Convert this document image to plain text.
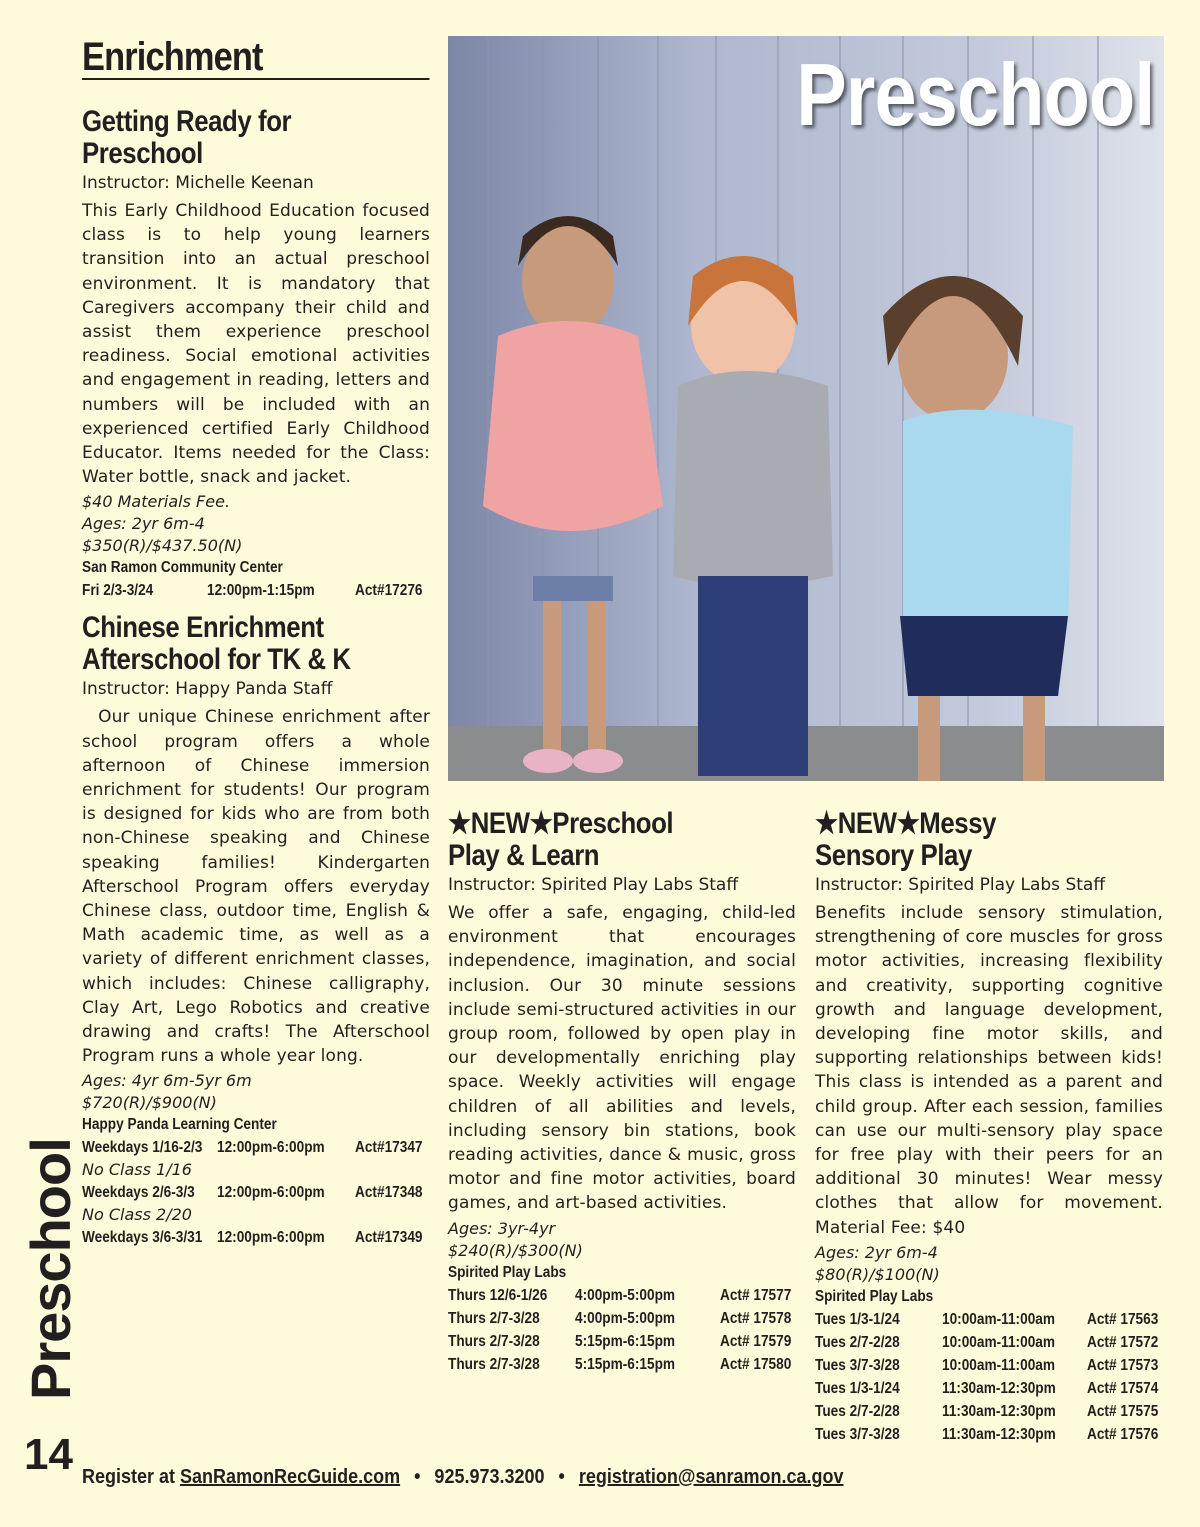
Enrichment
Getting Ready for
Preschool
Instructor: Michelle Keenan
This Early Childhood Education focused class is to help young learners transition into an actual preschool environment. It is mandatory that Caregivers accompany their child and assist them experience preschool readiness. Social emotional activities and engagement in reading, letters and numbers will be included with an experienced certified Early Childhood Educator. Items needed for the Class: Water bottle, snack and jacket.
$40 Materials Fee.
Ages: 2yr 6m-4
$350(R)/$437.50(N)
San Ramon Community Center
Fri 2/3-3/24	12:00pm-1:15pm	Act#17276
Chinese Enrichment
Afterschool for TK & K
Instructor: Happy Panda Staff
Our unique Chinese enrichment after school program offers a whole afternoon of Chinese immersion enrichment for students! Our program is designed for kids who are from both non-Chinese speaking and Chinese speaking families! Kindergarten Afterschool Program offers everyday Chinese class, outdoor time, English & Math academic time, as well as a variety of different enrichment classes, which includes: Chinese calligraphy, Clay Art, Lego Robotics and creative drawing and crafts! The Afterschool Program runs a whole year long.
Ages: 4yr 6m-5yr 6m
$720(R)/$900(N)
Happy Panda Learning Center
Weekdays 1/16-2/3 12:00pm-6:00pm Act#17347
No Class 1/16
Weekdays 2/6-3/3 12:00pm-6:00pm Act#17348
No Class 2/20
Weekdays 3/6-3/31 12:00pm-6:00pm Act#17349
Preschool
★NEW★Preschool
Play & Learn
Instructor: Spirited Play Labs Staff
We offer a safe, engaging, child-led environment that encourages independence, imagination, and social inclusion. Our 30 minute sessions include semi-structured activities in our group room, followed by open play in our developmentally enriching play space. Weekly activities will engage children of all abilities and levels, including sensory bin stations, book reading activities, dance & music, gross motor and fine motor activities, board games, and art-based activities.
Ages: 3yr-4yr
$240(R)/$300(N)
Spirited Play Labs
Thurs 12/6-1/26 4:00pm-5:00pm	Act# 17577
Thurs 2/7-3/28 4:00pm-5:00pm	Act# 17578
Thurs 2/7-3/28 5:15pm-6:15pm	Act# 17579
Thurs 2/7-3/28 5:15pm-6:15pm	Act# 17580
★NEW★Messy
Sensory Play
Instructor: Spirited Play Labs Staff
Benefits include sensory stimulation, strengthening of core muscles for gross motor activities, increasing flexibility and creativity, supporting cognitive growth and language development, developing fine motor skills, and supporting relationships between kids! This class is intended as a parent and child group. After each session, families can use our multi-sensory play space for free play with their peers for an additional 30 minutes! Wear messy clothes that allow for movement. Material Fee: $40
Ages: 2yr 6m-4
$80(R)/$100(N)
Spirited Play Labs
Tues 1/3-1/24	10:00am-11:00am Act# 17563
Tues 2/7-2/28	10:00am-11:00am Act# 17572
Tues 3/7-3/28	10:00am-11:00am Act# 17573
Tues 1/3-1/24	11:30am-12:30pm Act# 17574
Tues 2/7-2/28	11:30am-12:30pm Act# 17575
Tues 3/7-3/28	11:30am-12:30pm Act# 17576
Preschool
14 Register at SanRamonRecGuide.com • 925.973.3200 • registration@sanramon.ca.gov
